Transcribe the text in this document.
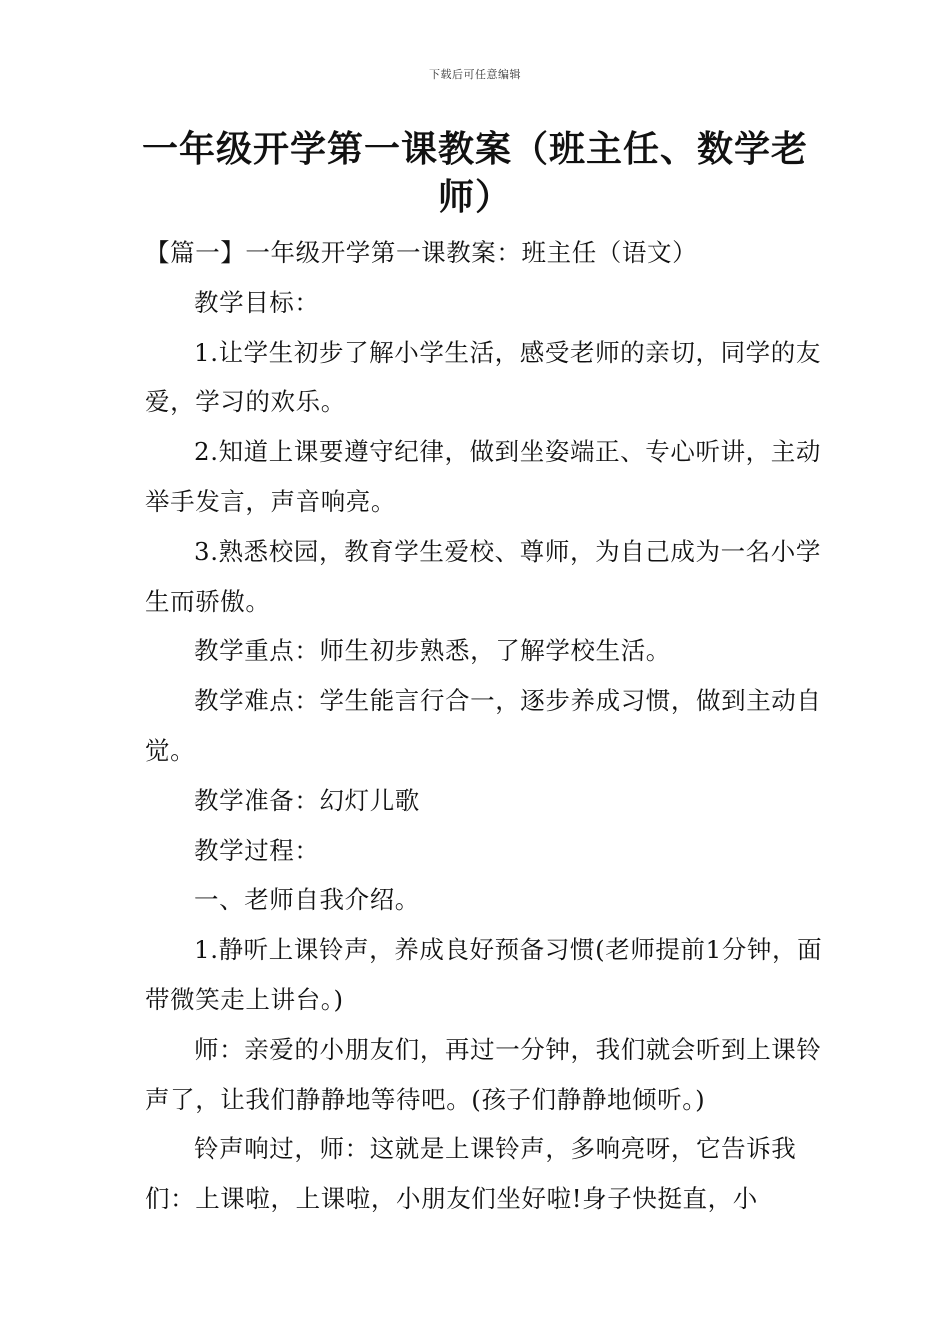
下载后可任意编辑
一年级开学第一课教案（班主任、数学老师）

【篇一】一年级开学第一课教案：班主任（语文）

教学目标：

1.让学生初步了解小学生活，感受老师的亲切，同学的友爱，学习的欢乐。

2.知道上课要遵守纪律，做到坐姿端正、专心听讲，主动举手发言，声音响亮。

3.熟悉校园，教育学生爱校、尊师，为自己成为一名小学生而骄傲。

教学重点：师生初步熟悉，了解学校生活。

教学难点：学生能言行合一，逐步养成习惯，做到主动自觉。

教学准备：幻灯儿歌

教学过程：

一、老师自我介绍。

1.静听上课铃声，养成良好预备习惯(老师提前1分钟，面带微笑走上讲台。)

师：亲爱的小朋友们，再过一分钟，我们就会听到上课铃声了，让我们静静地等待吧。(孩子们静静地倾听。)

铃声响过，师：这就是上课铃声，多响亮呀，它告诉我们：上课啦，上课啦，小朋友们坐好啦!身子快挺直，小
